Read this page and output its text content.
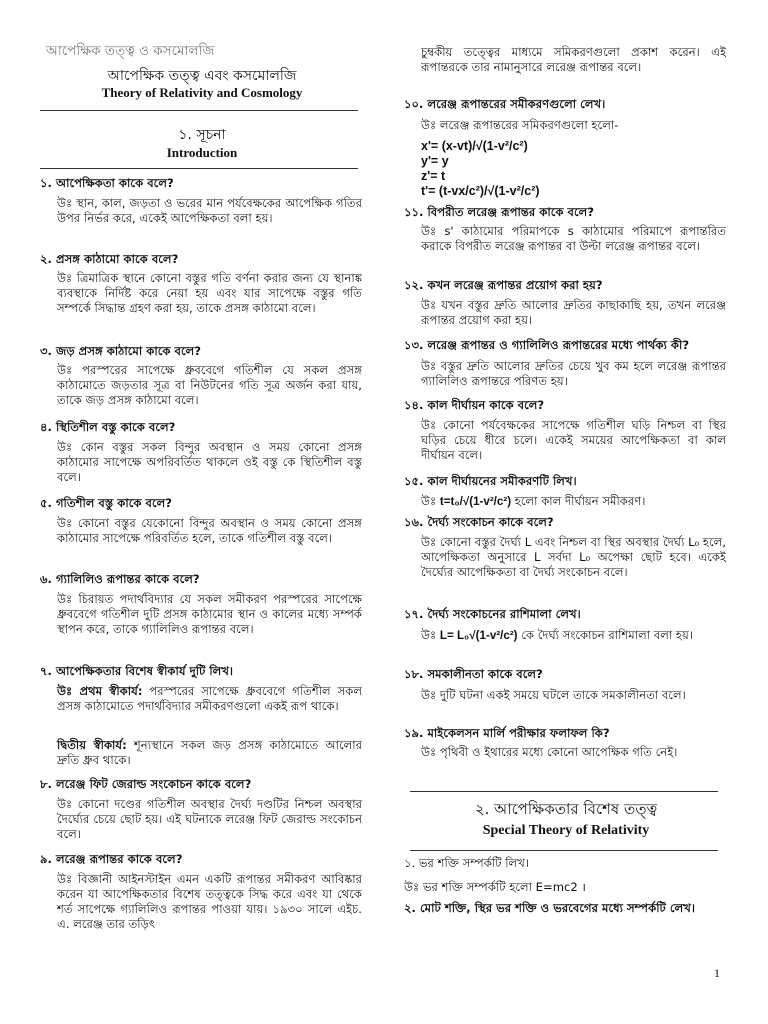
আপেক্ষিক তত্ত্ব ও কসমোলজি
আপেক্ষিক তত্ত্ব এবং কসমোলজি
Theory of Relativity and Cosmology
১. সূচনা
Introduction
১. আপেক্ষিকতা কাকে বলে?
উঃ স্থান, কাল, জড়তা ও ভরের মান পর্যবেক্ষকের আপেক্ষিক গতির উপর নির্ভর করে, একেই আপেক্ষিকতা বলা হয়।
২. প্রসঙ্গ কাঠামো কাকে বলে?
উঃ ত্রিমাত্রিক স্থানে কোনো বস্তুর গতি বর্ণনা করার জন্য যে স্থানাঙ্ক ব্যবস্থাকে নির্দিষ্ট করে নেয়া হয় এবং যার সাপেক্ষে বস্তুর গতি সম্পর্কে সিদ্ধান্ত গ্রহণ করা হয়, তাকে প্রসঙ্গ কাঠামো বলে।
৩. জড় প্রসঙ্গ কাঠামো কাকে বলে?
উঃ পরস্পরের সাপেক্ষে ধ্রুববেগে গতিশীল যে সকল প্রসঙ্গ কাঠামোতে জড়তার সূত্র বা নিউটনের গতি সূত্র অর্জন করা যায়, তাকে জড় প্রসঙ্গ কাঠামো বলে।
৪. স্থিতিশীল বস্তু কাকে বলে?
উঃ কোন বস্তুর সকল বিন্দুর অবস্থান ও সময় কোনো প্রসঙ্গ কাঠামোর সাপেক্ষে অপরিবর্তিত থাকলে ওই বস্তু কে স্থিতিশীল বস্তু বলে।
৫. গতিশীল বস্তু কাকে বলে?
উঃ কোনো বস্তুর যেকোনো বিন্দুর অবস্থান ও সময় কোনো প্রসঙ্গ কাঠামোর সাপেক্ষে পরিবর্তিত হলে, তাকে গতিশীল বস্তু বলে।
৬. গ্যালিলিও রূপান্তর কাকে বলে?
উঃ চিরায়ত পদার্থবিদ্যার যে সকল সমীকরণ পরস্পরের সাপেক্ষে ধ্রুববেগে গতিশীল দুটি প্রসঙ্গ কাঠামোর স্থান ও কালের মধ্যে সম্পর্ক স্থাপন করে, তাকে গ্যালিলিও রূপান্তর বলে।
৭. আপেক্ষিকতার বিশেষ স্বীকার্য দুটি লিখ।
উঃ প্রথম স্বীকার্য: পরস্পরের সাপেক্ষে ধ্রুববেগে গতিশীল সকল প্রসঙ্গ কাঠামোতে পদার্থবিদ্যার সমীকরণগুলো একই রূপ থাকে।
দ্বিতীয় স্বীকার্য: শূন্যস্থানে সকল জড় প্রসঙ্গ কাঠামোতে আলোর দ্রুতি ধ্রুব থাকে।
৮. লরেঞ্জ ফিট জেরাল্ড সংকোচন কাকে বলে?
উঃ কোনো দণ্ডের গতিশীল অবস্থার দৈর্ঘ্য দণ্ডটির নিশ্চল অবস্থার দৈর্ঘ্যের চেয়ে ছোট হয়। এই ঘটনাকে লরেঞ্জ ফিট জেরাল্ড সংকোচন বলে।
৯. লরেঞ্জ রূপান্তর কাকে বলে?
উঃ বিজ্ঞানী আইনস্টাইন এমন একটি রূপান্তর সমীকরণ আবিষ্কার করেন যা আপেক্ষিকতার বিশেষ তত্ত্বকে সিদ্ধ করে এবং যা থেকে শর্ত সাপেক্ষে গ্যালিলিও রূপান্তর পাওয়া যায়। ১৯৩০ সালে এইচ. এ. লরেঞ্জ তার তড়িৎ
চুম্বকীয় তত্ত্বের মাধ্যমে সমিকরণগুলো প্রকাশ করেন। এই রূপান্তরকে তার নামানুসারে লরেঞ্জ রূপান্তর বলে।
১০. লরেঞ্জ রূপান্তরের সমীকরণগুলো লেখ।
উঃ লরেঞ্জ রূপান্তরের সমিকরণগুলো হলো-
x'= (x-vt)/√(1-v²/c²)
y'= y
z'= t
t'= (t-vx/c²)/√(1-v²/c²)
১১. বিপরীত লরেঞ্জ রূপান্তর কাকে বলে?
উঃ s' কাঠামোর পরিমাপকে s কাঠামোর পরিমাপে রূপান্তরিত করাকে বিপরীত লরেঞ্জ রূপান্তর বা উল্টা লরেঞ্জ রূপান্তর বলে।
১২. কখন লরেঞ্জ রূপান্তর প্রয়োগ করা হয়?
উঃ যখন বস্তুর দ্রুতি আলোর দ্রুতির কাছাকাছি হয়, তখন লরেঞ্জ রূপান্তর প্রয়োগ করা হয়।
১৩. লরেঞ্জ রূপান্তর ও গ্যালিলিও রূপান্তরের মধ্যে পার্থক্য কী?
উঃ বস্তুর দ্রুতি আলোর দ্রুতির চেয়ে খুব কম হলে লরেঞ্জ রূপান্তর গ্যালিলিও রূপান্তরে পরিণত হয়।
১৪. কাল দীর্ঘায়ন কাকে বলে?
উঃ কোনো পর্যবেক্ষকের সাপেক্ষে গতিশীল ঘড়ি নিশ্চল বা স্থির ঘড়ির চেয়ে ধীরে চলে। একেই সময়ের আপেক্ষিকতা বা কাল দীর্ঘায়ন বলে।
১৫. কাল দীর্ঘায়নের সমীকরণটি লিখ।
উঃ t=t₀/√(1-v²/c²) হলো কাল দীর্ঘায়ন সমীকরণ।
১৬. দৈর্ঘ্য সংকোচন কাকে বলে?
উঃ কোনো বস্তুর দৈর্ঘ্য L এবং নিশ্চল বা স্থির অবস্থার দৈর্ঘ্য L₀ হলে, আপেক্ষিকতা অনুসারে L সর্বদা L₀ অপেক্ষা ছোট হবে। একেই দৈর্ঘ্যের আপেক্ষিকতা বা দৈর্ঘ্য সংকোচন বলে।
১৭. দৈর্ঘ্য সংকোচনের রাশিমালা লেখ।
উঃ L= L₀√(1-v²/c²) কে দৈর্ঘ্য সংকোচন রাশিমালা বলা হয়।
১৮. সমকালীনতা কাকে বলে?
উঃ দুটি ঘটনা একই সময়ে ঘটলে তাকে সমকালীনতা বলে।
১৯. মাইকেলসন মার্লি পরীক্ষার ফলাফল কি?
উঃ পৃথিবী ও ইথারের মধ্যে কোনো আপেক্ষিক গতি নেই।
২. আপেক্ষিকতার বিশেষ তত্ত্ব
Special Theory of Relativity
১. ভর শক্তি সম্পর্কটি লিখ।
উঃ ভর শক্তি সম্পর্কটি হলো E=mc2 ।
২. মোট শক্তি, স্থির ভর শক্তি ও ভরবেগের মধ্যে সম্পর্কটি লেখ।
1
